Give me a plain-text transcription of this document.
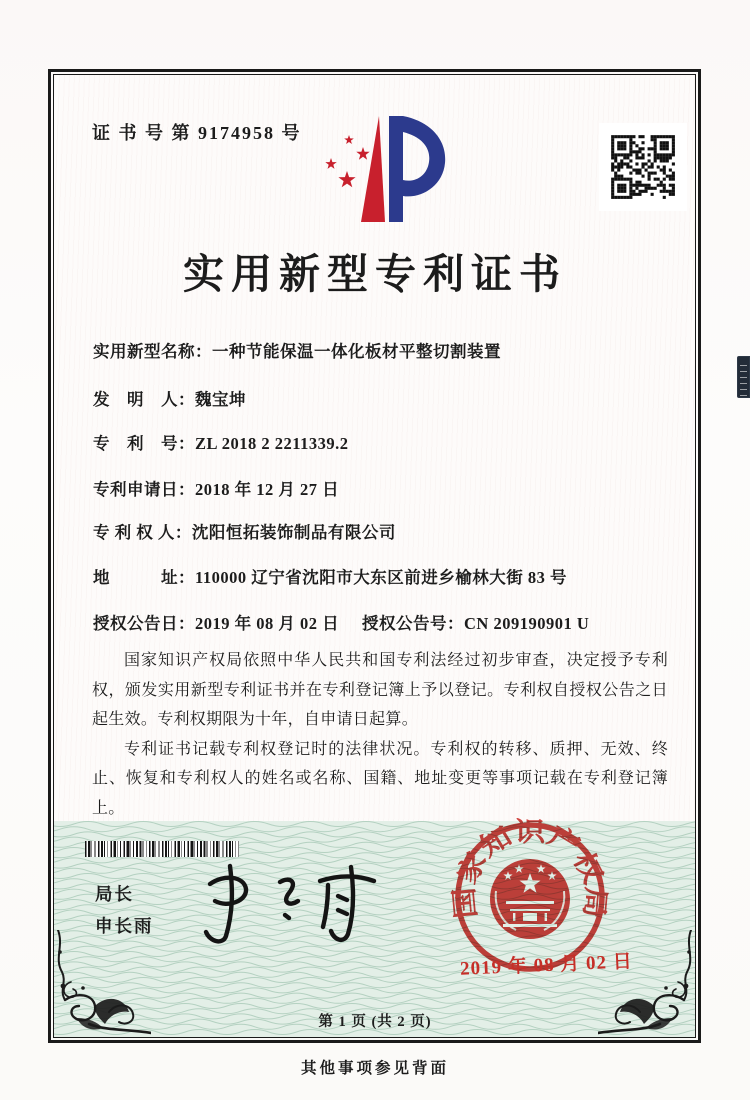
证 书 号 第 9174958 号
实用新型专利证书
实用新型名称：一种节能保温一体化板材平整切割装置
发　明　人：魏宝坤
专　利　号：ZL 2018 2 2211339.2
专利申请日：2018 年 12 月 27 日
专 利 权 人：沈阳恒拓装饰制品有限公司
地　　　址：110000 辽宁省沈阳市大东区前进乡榆林大街 83 号
授权公告日：2019 年 08 月 02 日 授权公告号：CN 209190901 U

国家知识产权局依照中华人民共和国专利法经过初步审查，决定授予专利权，颁发实用新型专利证书并在专利登记簿上予以登记。专利权自授权公告之日起生效。专利权期限为十年，自申请日起算。

专利证书记载专利权登记时的法律状况。专利权的转移、质押、无效、终止、恢复和专利权人的姓名或名称、国籍、地址变更等事项记载在专利登记簿上。

局长
申长雨
国家知识产权局
2019 年 08 月 02 日
第 1 页 (共 2 页)
其他事项参见背面
